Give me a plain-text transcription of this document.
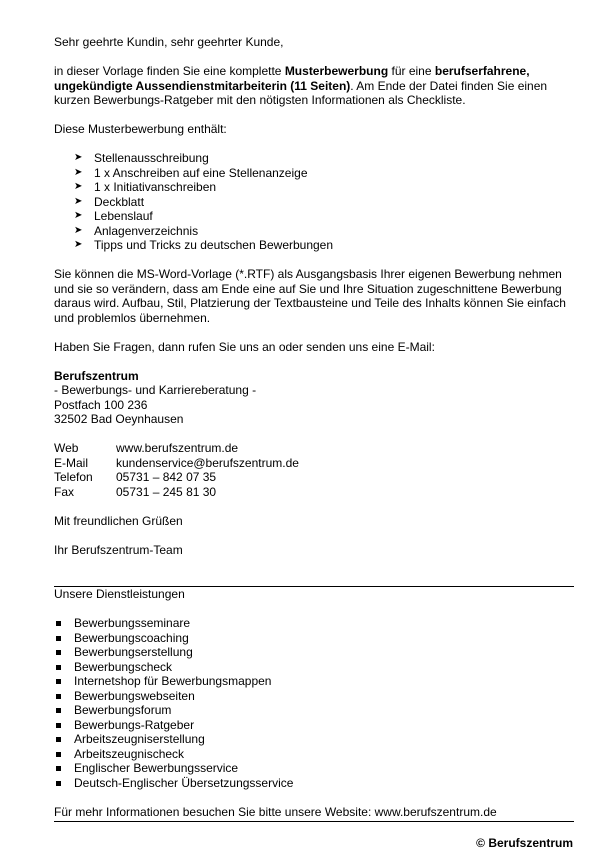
Sehr geehrte Kundin, sehr geehrter Kunde,

in dieser Vorlage finden Sie eine komplette Musterbewerbung für eine berufserfahrene, ungekündigte Aussendienstmitarbeiterin (11 Seiten). Am Ende der Datei finden Sie einen kurzen Bewerbungs-Ratgeber mit den nötigsten Informationen als Checkliste.

Diese Musterbewerbung enthält:

➤ Stellenausschreibung
➤ 1 x Anschreiben auf eine Stellenanzeige
➤ 1 x Initiativanschreiben
➤ Deckblatt
➤ Lebenslauf
➤ Anlagenverzeichnis
➤ Tipps und Tricks zu deutschen Bewerbungen

Sie können die MS-Word-Vorlage (*.RTF) als Ausgangsbasis Ihrer eigenen Bewerbung nehmen und sie so verändern, dass am Ende eine auf Sie und Ihre Situation zugeschnittene Bewerbung daraus wird. Aufbau, Stil, Platzierung der Textbausteine und Teile des Inhalts können Sie einfach und problemlos übernehmen.

Haben Sie Fragen, dann rufen Sie uns an oder senden uns eine E-Mail:

Berufszentrum

- Bewerbungs- und Karriereberatung -

Postfach 100 236

32502 Bad Oeynhausen

Web	www.berufszentrum.de
E-Mail	kundenservice@berufszentrum.de
Telefon	05731 – 842 07 35
Fax	05731 – 245 81 30

Mit freundlichen Grüßen

Ihr Berufszentrum-Team

Unsere Dienstleistungen

Bewerbungsseminare
Bewerbungscoaching
Bewerbungserstellung
Bewerbungscheck
Internetshop für Bewerbungsmappen
Bewerbungswebseiten
Bewerbungsforum
Bewerbungs-Ratgeber
Arbeitszeugniserstellung
Arbeitszeugnischeck
Englischer Bewerbungsservice
Deutsch-Englischer Übersetzungsservice

Für mehr Informationen besuchen Sie bitte unsere Website: www.berufszentrum.de

© Berufszentrum
